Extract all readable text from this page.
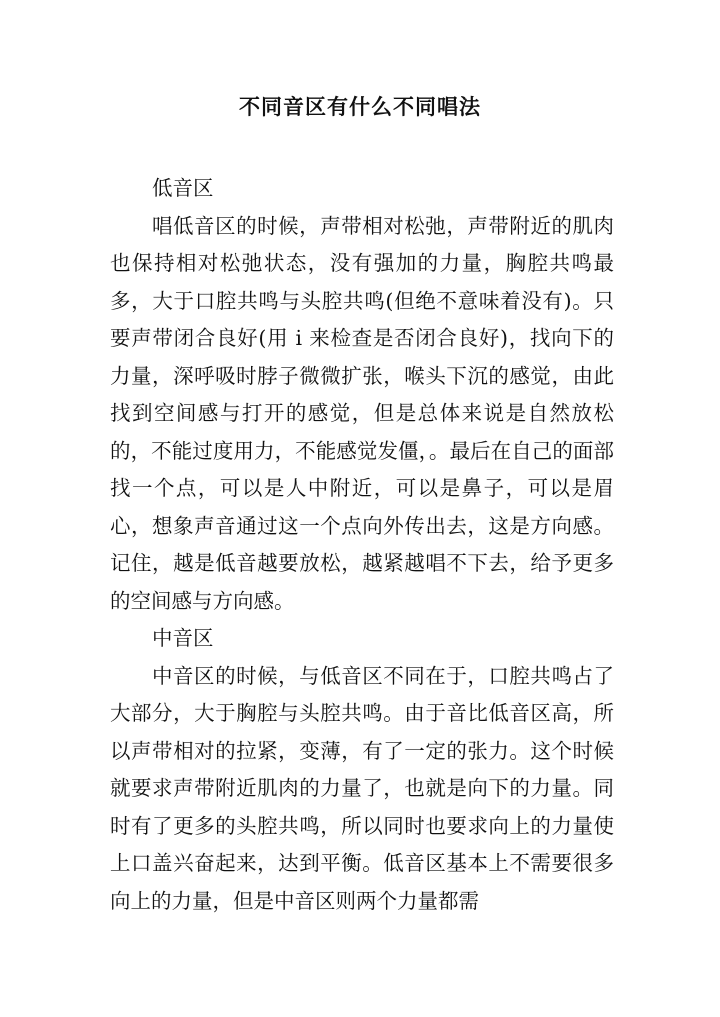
不同音区有什么不同唱法

低音区

唱低音区的时候，声带相对松弛，声带附近的肌肉也保持相对松弛状态，没有强加的力量，胸腔共鸣最多，大于口腔共鸣与头腔共鸣(但绝不意味着没有)。只要声带闭合良好(用 i 来检查是否闭合良好)，找向下的力量，深呼吸时脖子微微扩张，喉头下沉的感觉，由此找到空间感与打开的感觉，但是总体来说是自然放松的，不能过度用力，不能感觉发僵，。最后在自己的面部找一个点，可以是人中附近，可以是鼻子，可以是眉心，想象声音通过这一个点向外传出去，这是方向感。记住，越是低音越要放松，越紧越唱不下去，给予更多的空间感与方向感。

中音区

中音区的时候，与低音区不同在于，口腔共鸣占了大部分，大于胸腔与头腔共鸣。由于音比低音区高，所以声带相对的拉紧，变薄，有了一定的张力。这个时候就要求声带附近肌肉的力量了，也就是向下的力量。同时有了更多的头腔共鸣，所以同时也要求向上的力量使上口盖兴奋起来，达到平衡。低音区基本上不需要很多向上的力量，但是中音区则两个力量都需
